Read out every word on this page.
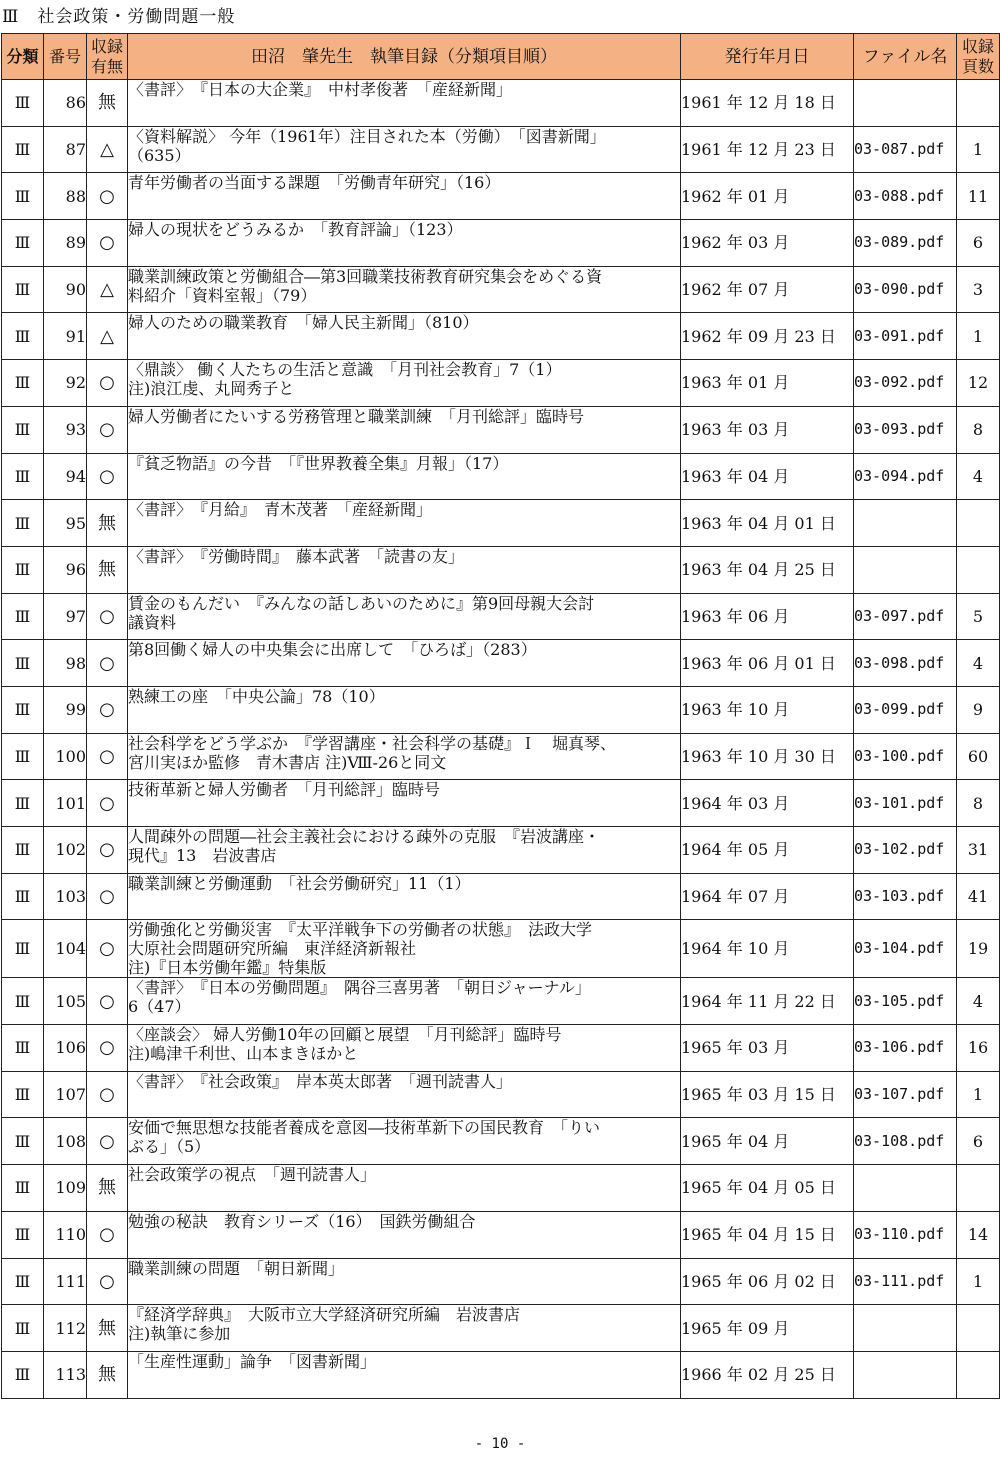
Ⅲ　社会政策・労働問題一般
分類	番号	収録
有無	田沼　肇先生　執筆目録（分類項目順）	発行年月日	ファイル名	収録
頁数
Ⅲ	86	無	〈書評〉　『日本の大企業』　中村孝俊著　「産経新聞」	1961 年 12 月 18 日		
Ⅲ	87	△	〈資料解説〉 今年（1961年）注目された本（労働）　「図書新聞」
（635）	1961 年 12 月 23 日	03-087.pdf	1
Ⅲ	88	○	青年労働者の当面する課題　「労働青年研究」（16）	1962 年 01 月	03-088.pdf	11
Ⅲ	89	○	婦人の現状をどうみるか　「教育評論」（123）	1962 年 03 月	03-089.pdf	6
Ⅲ	90	△	職業訓練政策と労働組合―第3回職業技術教育研究集会をめぐる資
料紹介「資料室報」（79）	1962 年 07 月	03-090.pdf	3
Ⅲ	91	△	婦人のための職業教育　「婦人民主新聞」（810）	1962 年 09 月 23 日	03-091.pdf	1
Ⅲ	92	○	〈鼎談〉 働く人たちの生活と意識　「月刊社会教育」7（1）
注)浪江虔、丸岡秀子と	1963 年 01 月	03-092.pdf	12
Ⅲ	93	○	婦人労働者にたいする労務管理と職業訓練　「月刊総評」臨時号	1963 年 03 月	03-093.pdf	8
Ⅲ	94	○	『貧乏物語』の今昔　「『世界教養全集』月報」（17）	1963 年 04 月	03-094.pdf	4
Ⅲ	95	無	〈書評〉　『月給』　青木茂著　「産経新聞」	1963 年 04 月 01 日		
Ⅲ	96	無	〈書評〉　『労働時間』　藤本武著　「読書の友」	1963 年 04 月 25 日		
Ⅲ	97	○	賃金のもんだい　『みんなの話しあいのために』第9回母親大会討
議資料	1963 年 06 月	03-097.pdf	5
Ⅲ	98	○	第8回働く婦人の中央集会に出席して　「ひろば」（283）	1963 年 06 月 01 日	03-098.pdf	4
Ⅲ	99	○	熟練工の座　「中央公論」78（10）	1963 年 10 月	03-099.pdf	9
Ⅲ	100	○	社会科学をどう学ぶか　『学習講座・社会科学の基礎』Ｉ　堀真琴、
宮川実ほか監修　青木書店 注)Ⅷ-26と同文	1963 年 10 月 30 日	03-100.pdf	60
Ⅲ	101	○	技術革新と婦人労働者　「月刊総評」臨時号	1964 年 03 月	03-101.pdf	8
Ⅲ	102	○	人間疎外の問題―社会主義社会における疎外の克服　『岩波講座・
現代』13　岩波書店	1964 年 05 月	03-102.pdf	31
Ⅲ	103	○	職業訓練と労働運動　「社会労働研究」11（1）	1964 年 07 月	03-103.pdf	41
Ⅲ	104	○	労働強化と労働災害　『太平洋戦争下の労働者の状態』　法政大学
大原社会問題研究所編　東洋経済新報社
注)『日本労働年鑑』特集版	1964 年 10 月	03-104.pdf	19
Ⅲ	105	○	〈書評〉　『日本の労働問題』　隅谷三喜男著　「朝日ジャーナル」
6（47）	1964 年 11 月 22 日	03-105.pdf	4
Ⅲ	106	○	〈座談会〉 婦人労働10年の回顧と展望　「月刊総評」臨時号
注)嶋津千利世、山本まきほかと	1965 年 03 月	03-106.pdf	16
Ⅲ	107	○	〈書評〉　『社会政策』　岸本英太郎著　「週刊読書人」	1965 年 03 月 15 日	03-107.pdf	1
Ⅲ	108	○	安価で無思想な技能者養成を意図―技術革新下の国民教育　「りい
ぶる」（5）	1965 年 04 月	03-108.pdf	6
Ⅲ	109	無	社会政策学の視点　「週刊読書人」	1965 年 04 月 05 日		
Ⅲ	110	○	勉強の秘訣　教育シリーズ（16）　国鉄労働組合	1965 年 04 月 15 日	03-110.pdf	14
Ⅲ	111	○	職業訓練の問題　「朝日新聞」	1965 年 06 月 02 日	03-111.pdf	1
Ⅲ	112	無	『経済学辞典』　大阪市立大学経済研究所編　岩波書店
注)執筆に参加	1965 年 09 月		
Ⅲ	113	無	「生産性運動」論争　「図書新聞」	1966 年 02 月 25 日		
- 10 -
